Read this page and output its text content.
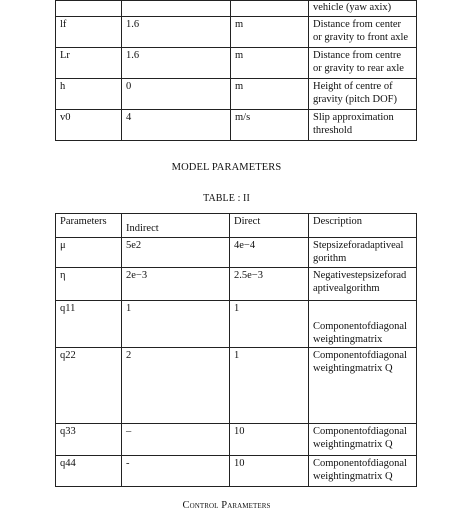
			vehicle (yaw axix)
lf	1.6	m	Distance from center or gravity to front axle
Lr	1.6	m	Distance from centre or gravity to rear axle
h	0	m	Height of centre of gravity (pitch DOF)
v0	4	m/s	Slip approximation threshold
MODEL PARAMETERS
TABLE : II
Parameters	Indirect	Direct	Description
μ	5e2	4e−4	Stepsizeforadaptiveal gorithm
η	2e−3	2.5e−3	Negativestepsizeforad aptivealgorithm
q11	1	1	Componentofdiagonal weightingmatrix
q22	2	1	Componentofdiagonal weightingmatrix Q
q33	–	10	Componentofdiagonal weightingmatrix Q
q44	-	10	Componentofdiagonal weightingmatrix Q
Control Parameters
